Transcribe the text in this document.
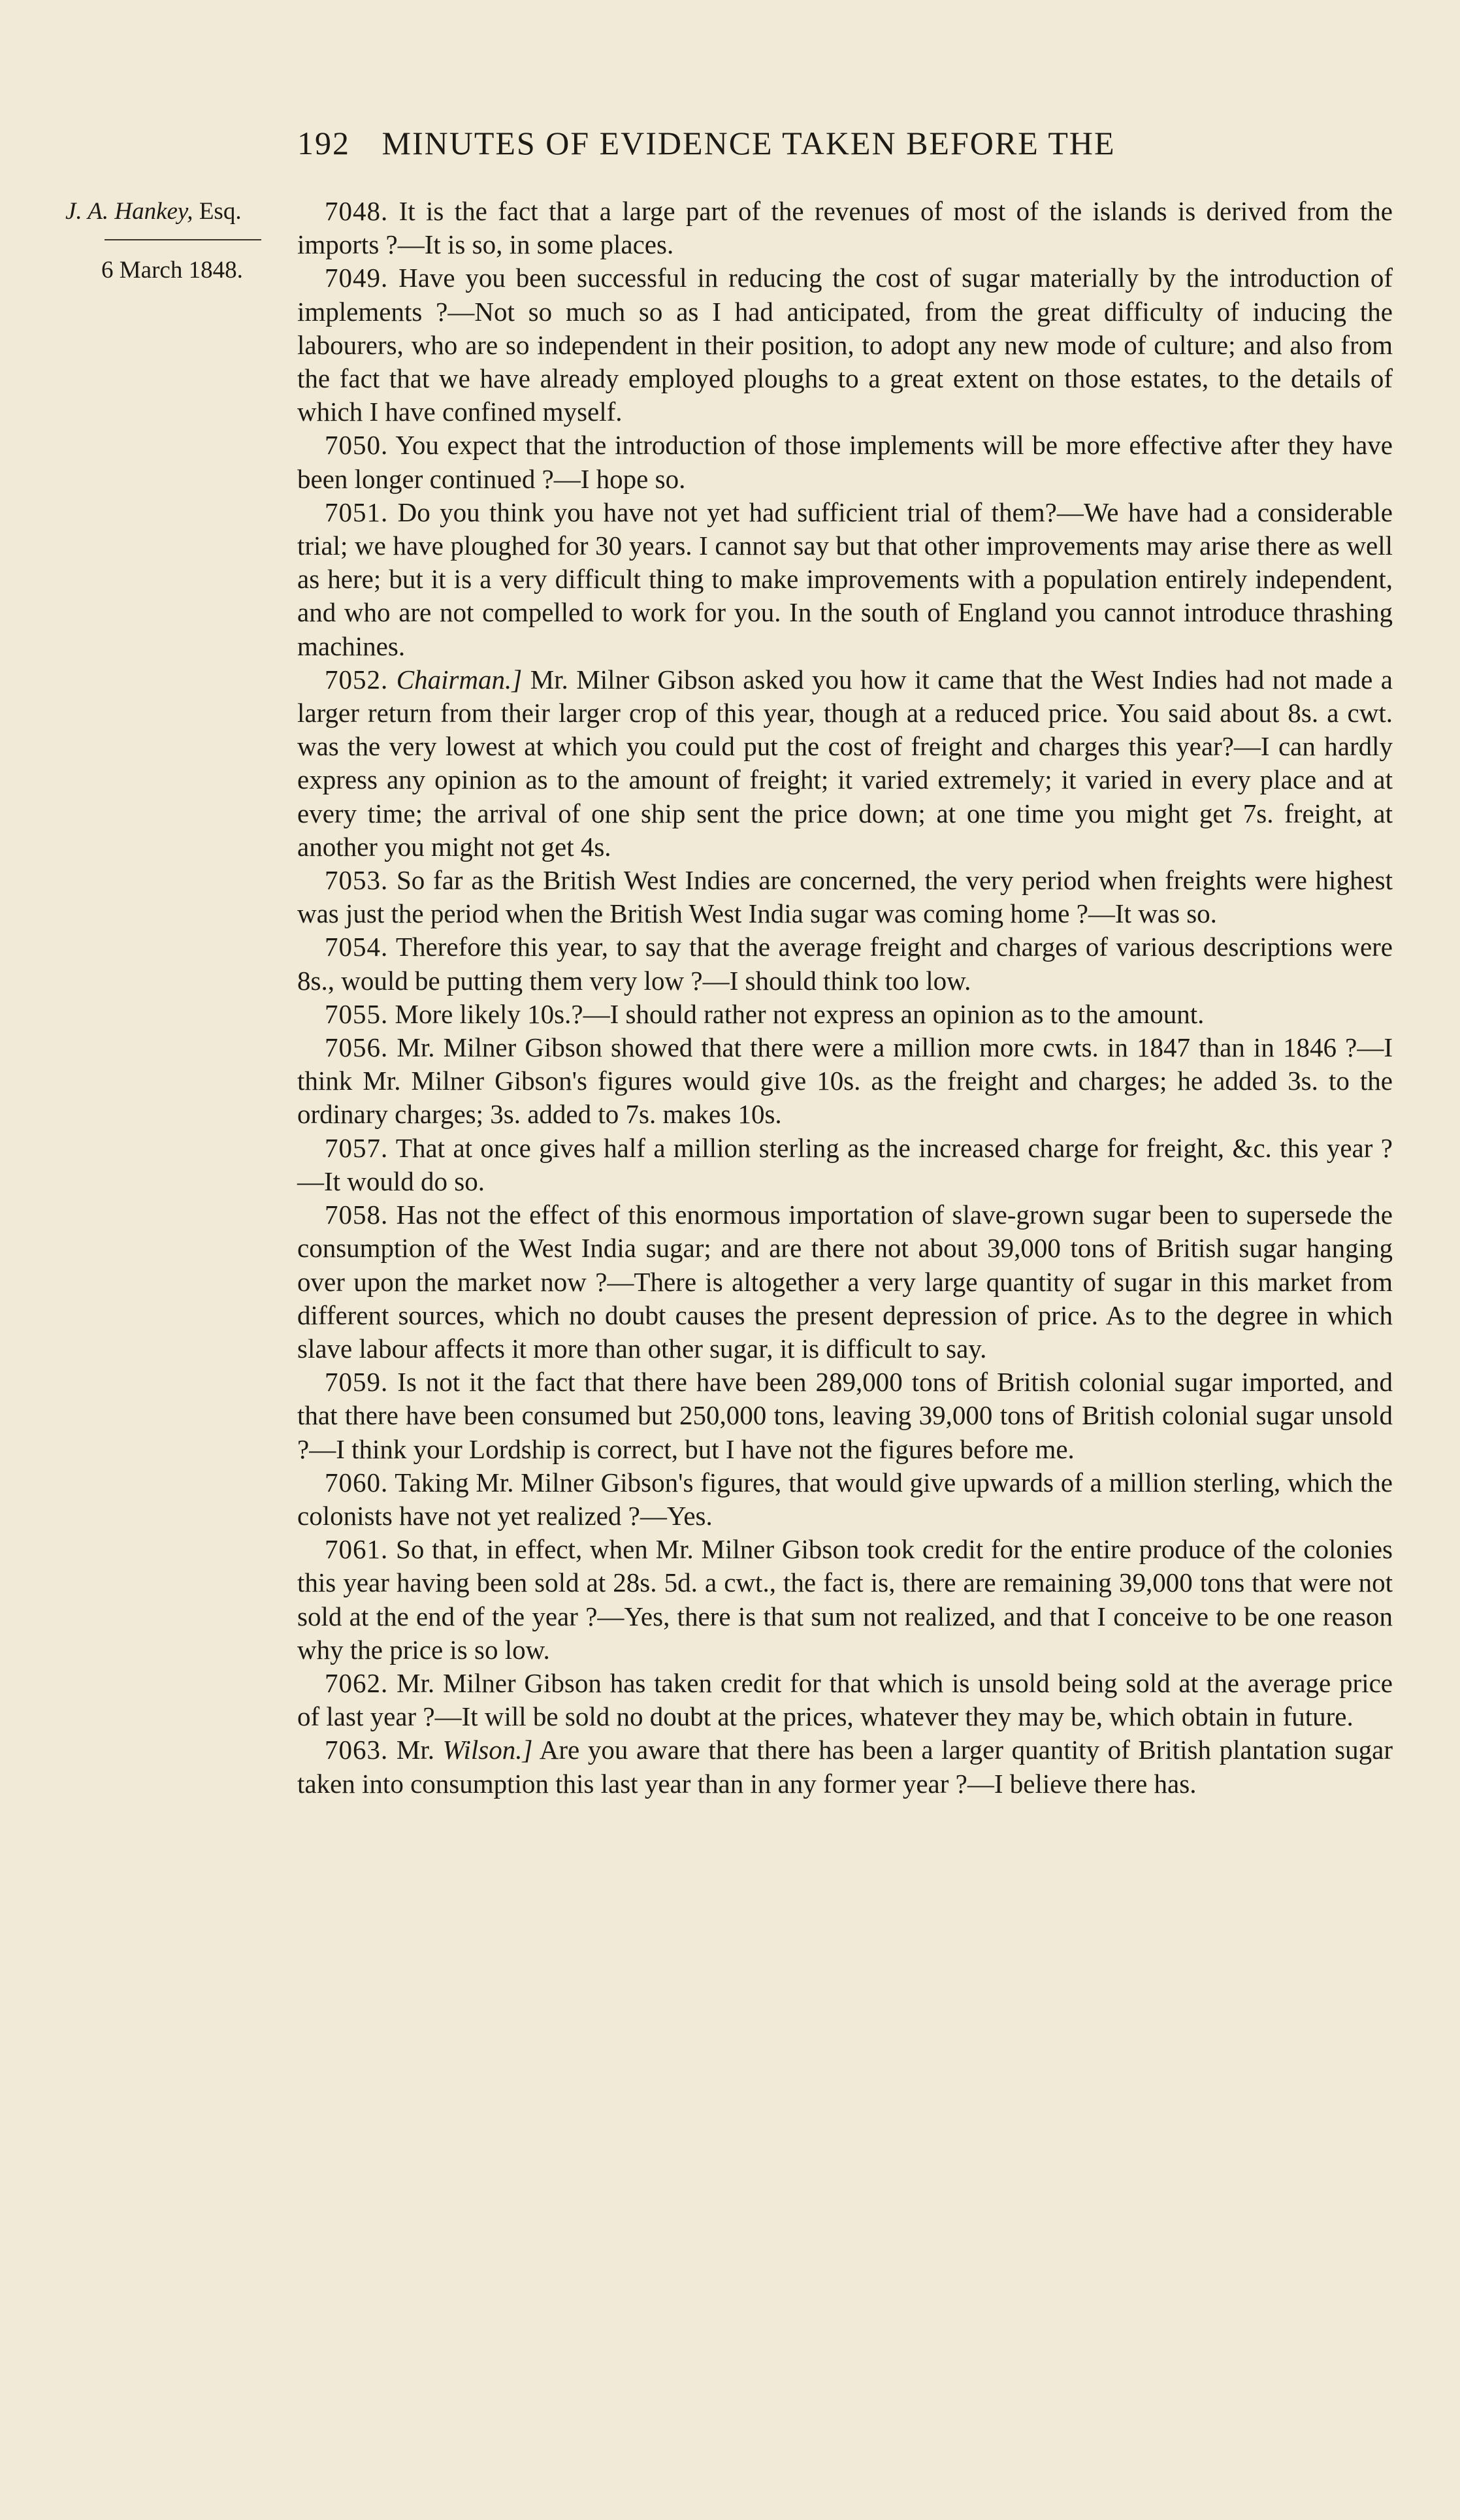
192 MINUTES OF EVIDENCE TAKEN BEFORE THE
J. A. Hankey, Esq.
6 March 1848.

7048. It is the fact that a large part of the revenues of most of the islands is derived from the imports ?—It is so, in some places.

7049. Have you been successful in reducing the cost of sugar materially by the introduction of implements ?—Not so much so as I had anticipated, from the great difficulty of inducing the labourers, who are so independent in their position, to adopt any new mode of culture; and also from the fact that we have already employed ploughs to a great extent on those estates, to the details of which I have confined myself.

7050. You expect that the introduction of those implements will be more effective after they have been longer continued ?—I hope so.

7051. Do you think you have not yet had sufficient trial of them?—We have had a considerable trial; we have ploughed for 30 years. I cannot say but that other improvements may arise there as well as here; but it is a very difficult thing to make improvements with a population entirely independent, and who are not compelled to work for you. In the south of England you cannot introduce thrashing machines.

7052. Chairman.] Mr. Milner Gibson asked you how it came that the West Indies had not made a larger return from their larger crop of this year, though at a reduced price. You said about 8s. a cwt. was the very lowest at which you could put the cost of freight and charges this year?—I can hardly express any opinion as to the amount of freight; it varied extremely; it varied in every place and at every time; the arrival of one ship sent the price down; at one time you might get 7s. freight, at another you might not get 4s.

7053. So far as the British West Indies are concerned, the very period when freights were highest was just the period when the British West India sugar was coming home ?—It was so.

7054. Therefore this year, to say that the average freight and charges of various descriptions were 8s., would be putting them very low ?—I should think too low.

7055. More likely 10s.?—I should rather not express an opinion as to the amount.

7056. Mr. Milner Gibson showed that there were a million more cwts. in 1847 than in 1846 ?—I think Mr. Milner Gibson's figures would give 10s. as the freight and charges; he added 3s. to the ordinary charges; 3s. added to 7s. makes 10s.

7057. That at once gives half a million sterling as the increased charge for freight, &c. this year ?—It would do so.

7058. Has not the effect of this enormous importation of slave-grown sugar been to supersede the consumption of the West India sugar; and are there not about 39,000 tons of British sugar hanging over upon the market now ?—There is altogether a very large quantity of sugar in this market from different sources, which no doubt causes the present depression of price. As to the degree in which slave labour affects it more than other sugar, it is difficult to say.

7059. Is not it the fact that there have been 289,000 tons of British colonial sugar imported, and that there have been consumed but 250,000 tons, leaving 39,000 tons of British colonial sugar unsold ?—I think your Lordship is correct, but I have not the figures before me.

7060. Taking Mr. Milner Gibson's figures, that would give upwards of a million sterling, which the colonists have not yet realized ?—Yes.

7061. So that, in effect, when Mr. Milner Gibson took credit for the entire produce of the colonies this year having been sold at 28s. 5d. a cwt., the fact is, there are remaining 39,000 tons that were not sold at the end of the year ?—Yes, there is that sum not realized, and that I conceive to be one reason why the price is so low.

7062. Mr. Milner Gibson has taken credit for that which is unsold being sold at the average price of last year ?—It will be sold no doubt at the prices, whatever they may be, which obtain in future.

7063. Mr. Wilson.] Are you aware that there has been a larger quantity of British plantation sugar taken into consumption this last year than in any former year ?—I believe there has.
